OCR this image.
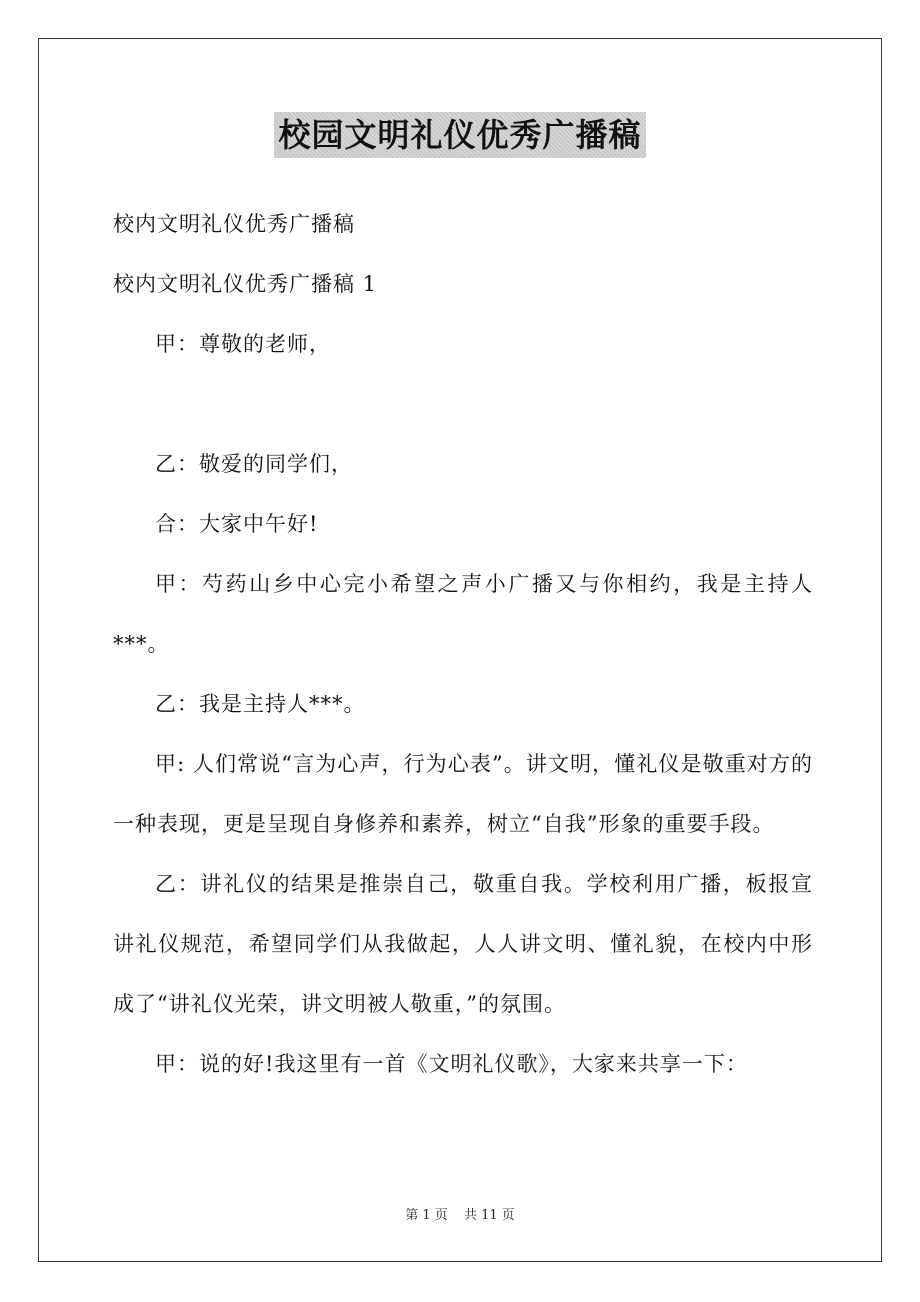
校园文明礼仪优秀广播稿

校内文明礼仪优秀广播稿

校内文明礼仪优秀广播稿 1

甲：尊敬的老师，

乙：敬爱的同学们，

合：大家中午好!

甲：芍药山乡中心完小希望之声小广播又与你相约，我是主持人***。

乙：我是主持人***。

甲: 人们常说“言为心声，行为心表”。讲文明，懂礼仪是敬重对方的一种表现，更是呈现自身修养和素养，树立“自我”形象的重要手段。

乙：讲礼仪的结果是推崇自己，敬重自我。学校利用广播，板报宣讲礼仪规范，希望同学们从我做起，人人讲文明、懂礼貌，在校内中形成了“讲礼仪光荣，讲文明被人敬重，”的氛围。

甲：说的好!我这里有一首《文明礼仪歌》，大家来共享一下：

第 1 页 共 11 页
